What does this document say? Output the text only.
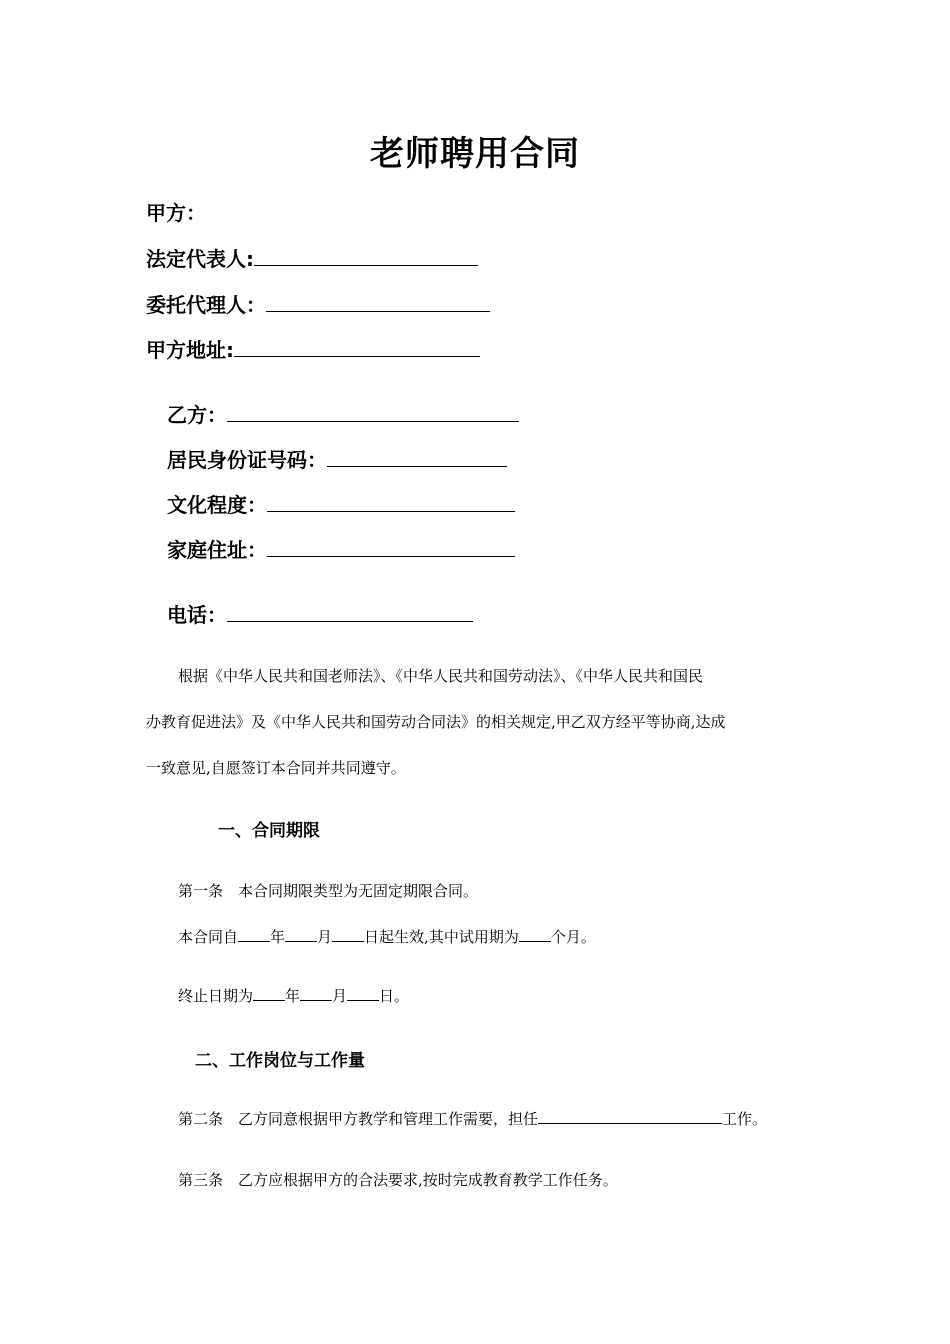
老师聘用合同
甲方：
法定代表人:
委托代理人：
甲方地址:
乙方：
居民身份证号码：
文化程度：
家庭住址：
电话：
根据《中华人民共和国老师法》、《中华人民共和国劳动法》、《中华人民共和国民
办教育促进法》及《中华人民共和国劳动合同法》的相关规定,甲乙双方经平等协商,达成
一致意见,自愿签订本合同并共同遵守。
一、合同期限
第一条　本合同期限类型为无固定期限合同。
本合同自 年 月 日起生效,其中试用期为 个月。
终止日期为 年 月 日。
二、工作岗位与工作量
第二条　乙方同意根据甲方教学和管理工作需要，担任	工作。
第三条　乙方应根据甲方的合法要求,按时完成教育教学工作任务。
